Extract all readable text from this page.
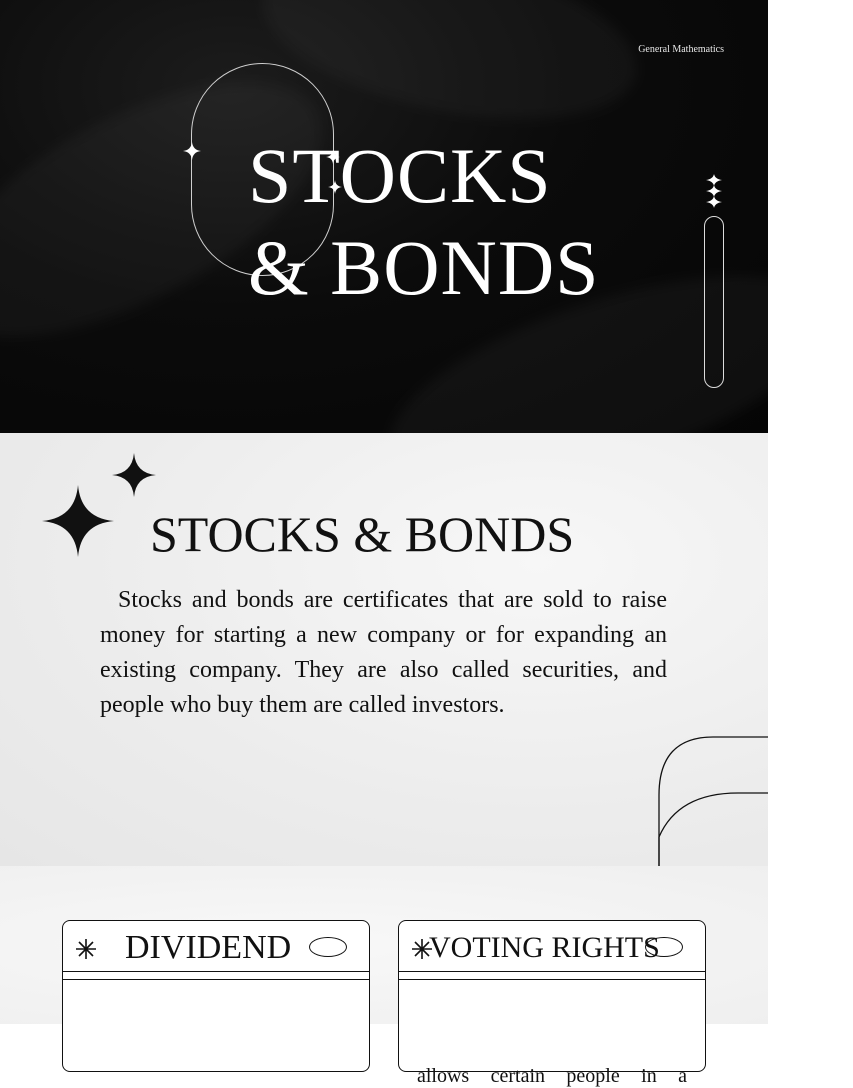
General Mathematics
STOCKS
& BONDS
STOCKS & BONDS

Stocks and bonds are certificates that are sold to raise money for starting a new company or for expanding an existing company. They are also called securities, and people who buy them are called investors.

DIVIDEND	VOTING RIGHTS
allows certain people in a
